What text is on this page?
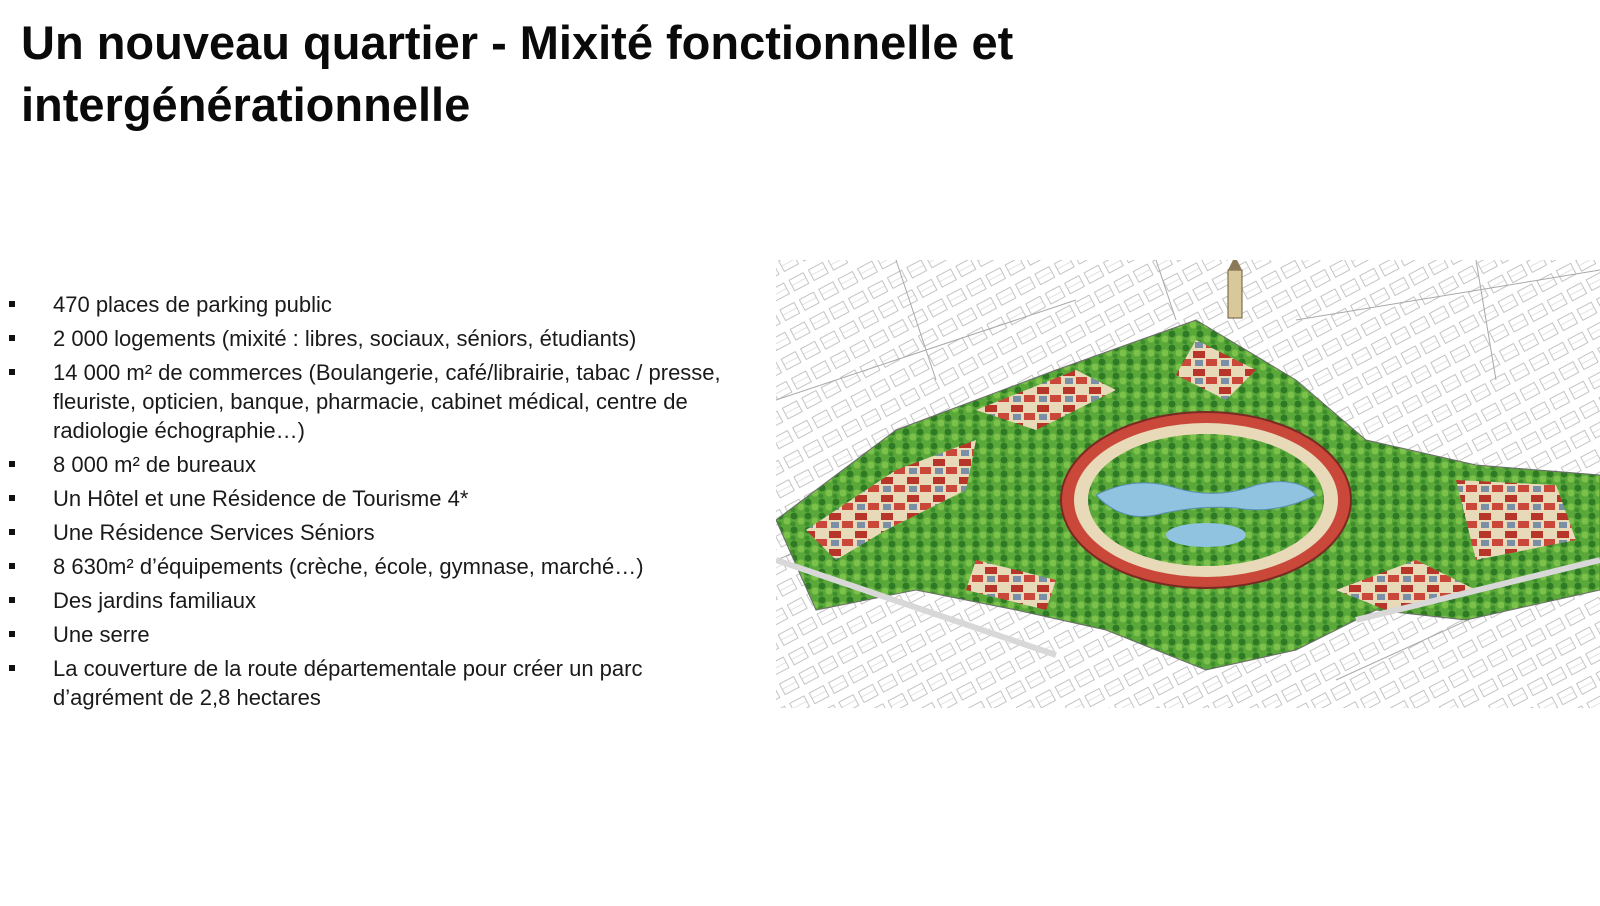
Un nouveau quartier - Mixité fonctionnelle et intergénérationnelle
470 places de parking public
2 000 logements (mixité : libres, sociaux, séniors, étudiants)
14 000 m² de commerces (Boulangerie, café/librairie, tabac / presse, fleuriste, opticien, banque, pharmacie, cabinet médical, centre de radiologie échographie…)
8 000 m² de bureaux
Un Hôtel et une Résidence de Tourisme 4*
Une Résidence Services Séniors
8 630m² d’équipements (crèche, école, gymnase, marché…)
Des jardins familiaux
Une serre
La couverture de la route départementale pour créer un parc d’agrément de 2,8 hectares
